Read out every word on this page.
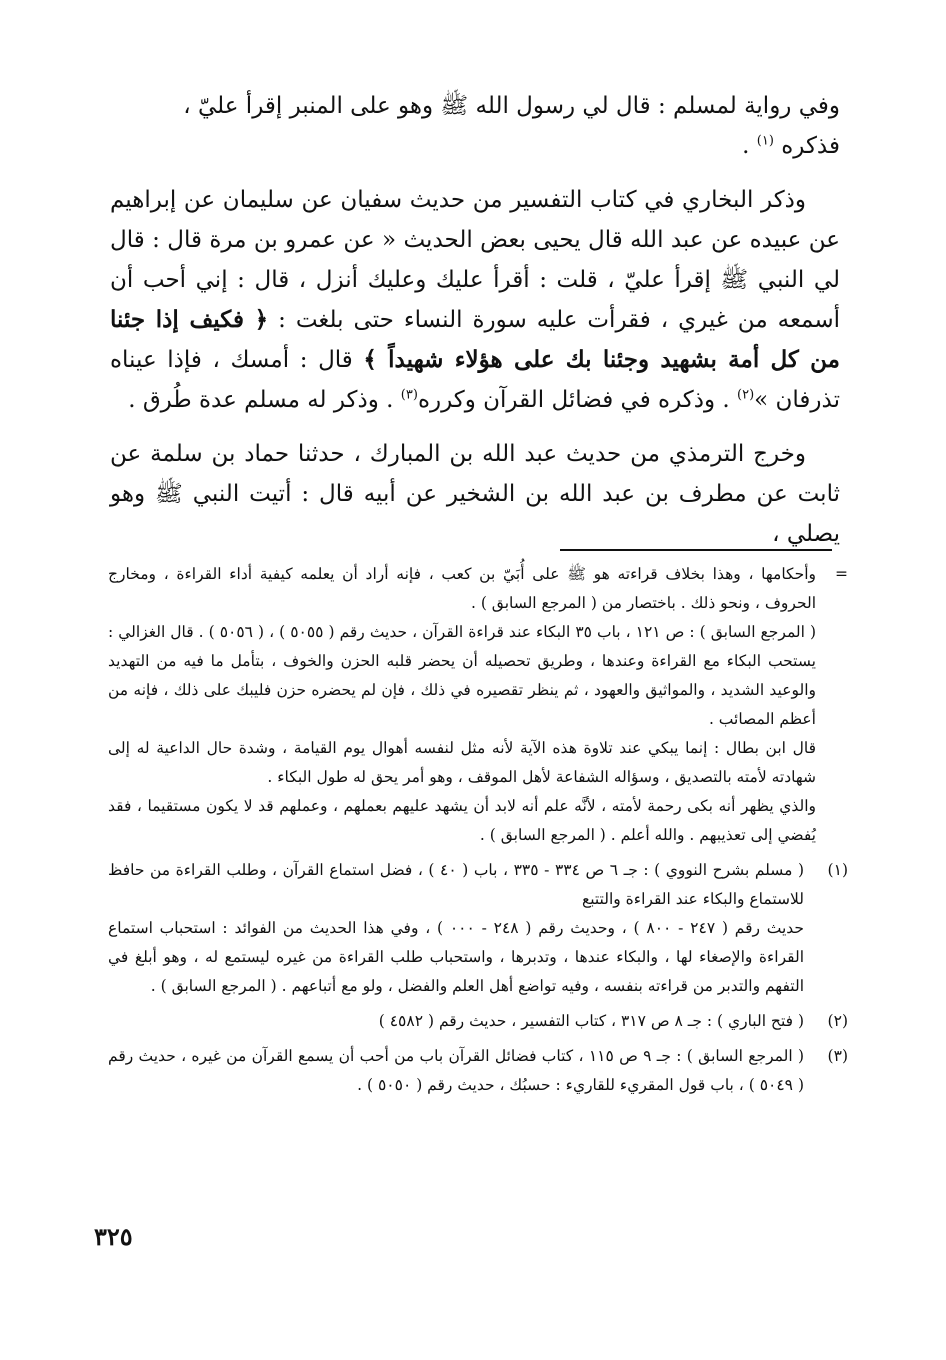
وفي رواية لمسلم : قال لي رسول الله ﷺ وهو على المنبر إقرأ عليّ ،
فذكره $^{(١)}$ .

وذكر البخاري في كتاب التفسير من حديث سفيان عن سليمان عن إبراهيم عن عبيده عن عبد الله قال يحيى بعض الحديث « عن عمرو بن مرة قال : قال لي النبي ﷺ إقرأ عليّ ، قلت : أقرأ عليك وعليك أنزل ، قال : إني أحب أن أسمعه من غيري ، فقرأت عليه سورة النساء حتى بلغت : ﴿ فكيف إذا جئنا من كل أمة بشهيد وجئنا بك على هؤلاء شهيداً ﴾ قال : أمسك ، فإذا عيناه تذرفان »$^{(٢)}$ . وذكره في فضائل القرآن وكرره$^{(٣)}$ . وذكر له مسلم عدة طُرق .

وخرج الترمذي من حديث عبد الله بن المبارك ، حدثنا حماد بن سلمة عن ثابت عن مطرف بن عبد الله بن الشخير عن أبيه قال : أتيت النبي ﷺ وهو يصلي ،

=

وأحكامها ، وهذا بخلاف قراءته هو ﷺ على أُبَيّ بن كعب ، فإنه أراد أن يعلمه كيفية أداء القراءة ، ومخارج الحروف ، ونحو ذلك . باختصار من ( المرجع السابق ) .

( المرجع السابق ) : ص ١٢١ ، باب ٣٥ البكاء عند قراءة القرآن ، حديث رقم ( ٥٠٥٥ ) ، ( ٥٠٥٦ ) . قال الغزالي : يستحب البكاء مع القراءة وعندها ، وطريق تحصيله أن يحضر قلبه الحزن والخوف ، بتأمل ما فيه من التهديد والوعيد الشديد ، والمواثيق والعهود ، ثم ينظر تقصيره في ذلك ، فإن لم يحضره حزن فليبك على ذلك ، فإنه من أعظم المصائب .

قال ابن بطال : إنما يبكي عند تلاوة هذه الآية لأنه مثل لنفسه أهوال يوم القيامة ، وشدة حال الداعية له إلى شهادته لأمته بالتصديق ، وسؤاله الشفاعة لأهل الموقف ، وهو أمر يحق له طول البكاء .

والذي يظهر أنه بكى رحمة لأمته ، لأنَّه علم أنه لابد أن يشهد عليهم بعملهم ، وعملهم قد لا يكون مستقيما ، فقد يُفضي إلى تعذيبهم . والله أعلم . ( المرجع السابق ) .

(١)

( مسلم بشرح النووي ) : جـ ٦ ص ٣٣٤ - ٣٣٥ ، باب ( ٤٠ ) ، فضل استماع القرآن ، وطلب القراءة من حافظ للاستماع والبكاء عند القراءة والتتبع

حديث رقم ( ٢٤٧ - ٨٠٠ ) ، وحديث رقم ( ٢٤٨ - ٠٠٠ ) ، وفي هذا الحديث من الفوائد : استحباب استماع القراءة والإصغاء لها ، والبكاء عندها ، وتدبرها ، واستحباب طلب القراءة من غيره ليستمع له ، وهو أبلغ في التفهم والتدبر من قراءته بنفسه ، وفيه تواضع أهل العلم والفضل ، ولو مع أتباعهم . ( المرجع السابق ) .

(٢)

( فتح الباري ) : جـ ٨ ص ٣١٧ ، كتاب التفسير ، حديث رقم ( ٤٥٨٢ )

(٣)

( المرجع السابق ) : جـ ٩ ص ١١٥ ، كتاب فضائل القرآن باب من أحب أن يسمع القرآن من غيره ، حديث رقم ( ٥٠٤٩ ) ، باب قول المقريء للقاريء : حسبُك ، حديث رقم ( ٥٠٥٠ ) .

٣٢٥
